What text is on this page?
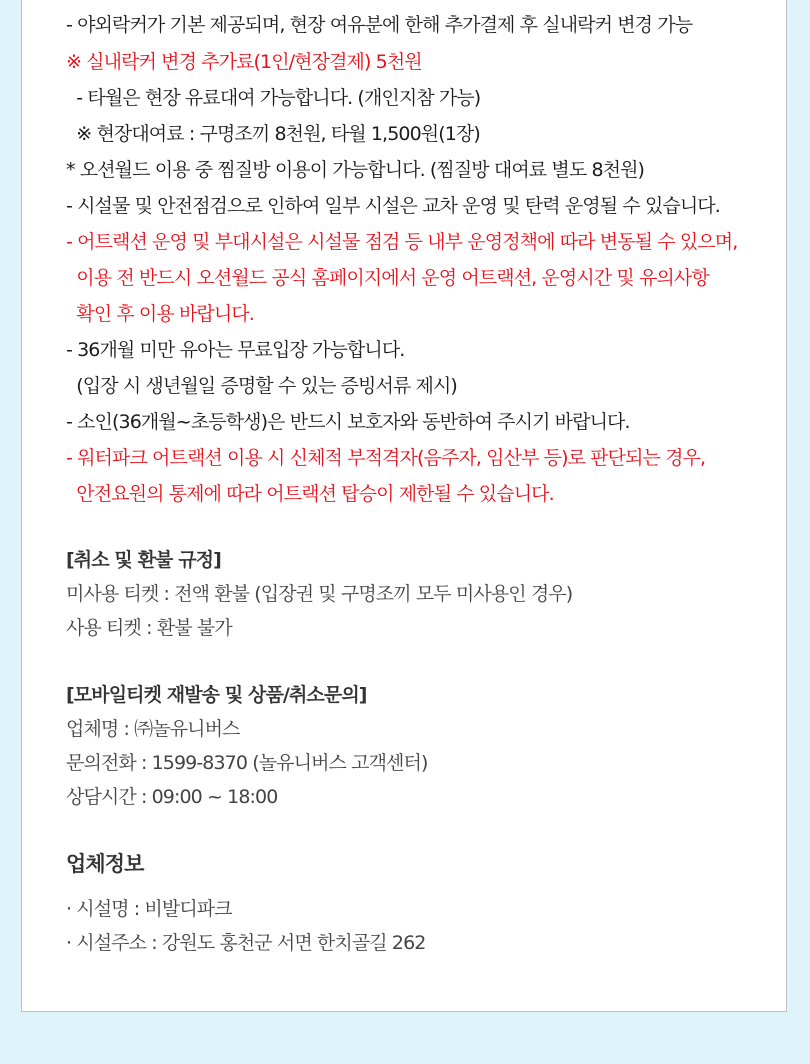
- 야외락커가 기본 제공되며, 현장 여유분에 한해 추가결제 후 실내락커 변경 가능
※ 실내락커 변경 추가료(1인/현장결제) 5천원
- 타월은 현장 유료대여 가능합니다. (개인지참 가능)
※ 현장대여료 : 구명조끼 8천원, 타월 1,500원(1장)
* 오션월드 이용 중 찜질방 이용이 가능합니다. (찜질방 대여료 별도 8천원)
- 시설물 및 안전점검으로 인하여 일부 시설은 교차 운영 및 탄력 운영될 수 있습니다.
- 어트랙션 운영 및 부대시설은 시설물 점검 등 내부 운영정책에 따라 변동될 수 있으며,
이용 전 반드시 오션월드 공식 홈페이지에서 운영 어트랙션, 운영시간 및 유의사항
확인 후 이용 바랍니다.
- 36개월 미만 유아는 무료입장 가능합니다.
(입장 시 생년월일 증명할 수 있는 증빙서류 제시)
- 소인(36개월~초등학생)은 반드시 보호자와 동반하여 주시기 바랍니다.
- 워터파크 어트랙션 이용 시 신체적 부적격자(음주자, 임산부 등)로 판단되는 경우,
안전요원의 통제에 따라 어트랙션 탑승이 제한될 수 있습니다.
[취소 및 환불 규정]
미사용 티켓 : 전액 환불 (입장권 및 구명조끼 모두 미사용인 경우)
사용 티켓 : 환불 불가
[모바일티켓 재발송 및 상품/취소문의]
업체명 : ㈜놀유니버스
문의전화 : 1599-8370 (놀유니버스 고객센터)
상담시간 : 09:00 ~ 18:00
업체정보
· 시설명 : 비발디파크
· 시설주소 : 강원도 홍천군 서면 한치골길 262
